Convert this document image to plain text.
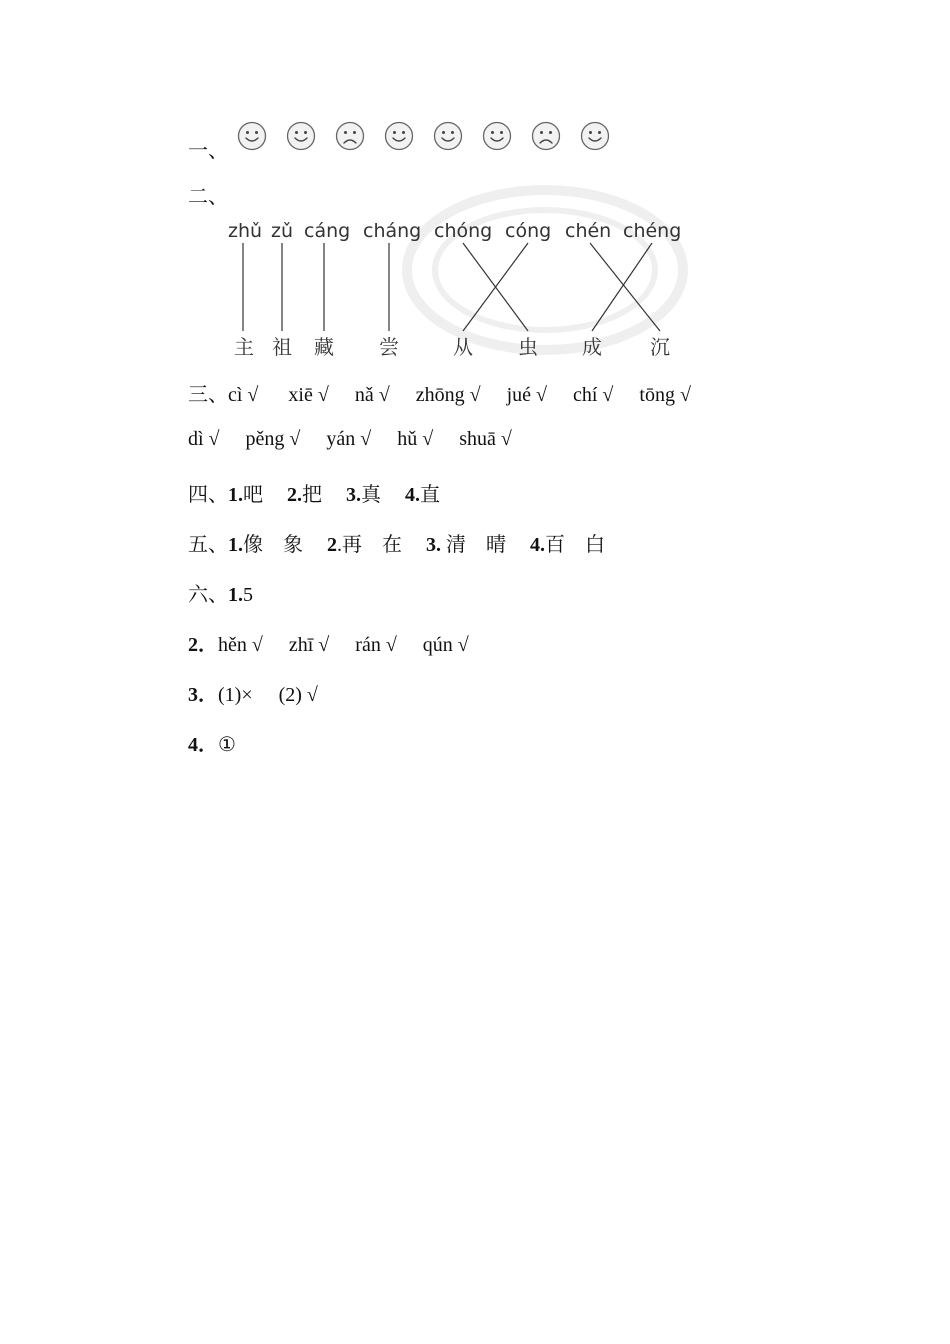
一、
二、
zhǔ zǔ cáng cháng chóng cóng chén chéng
主 祖 藏 尝	从 虫 成 沉
三、cì √ xiē √ nǎ √ zhōng √ jué √ chí √ tōng √
dì √ pěng √ yán √ hǔ √ shuā √
四、1.吧 2.把 3.真 4.直
五、1.像　象 2.再　在 3. 清　晴 4.百　白
六、1.5
2．hěn √ zhī √ rán √ qún √
3．(1)× (2) √
4．①
